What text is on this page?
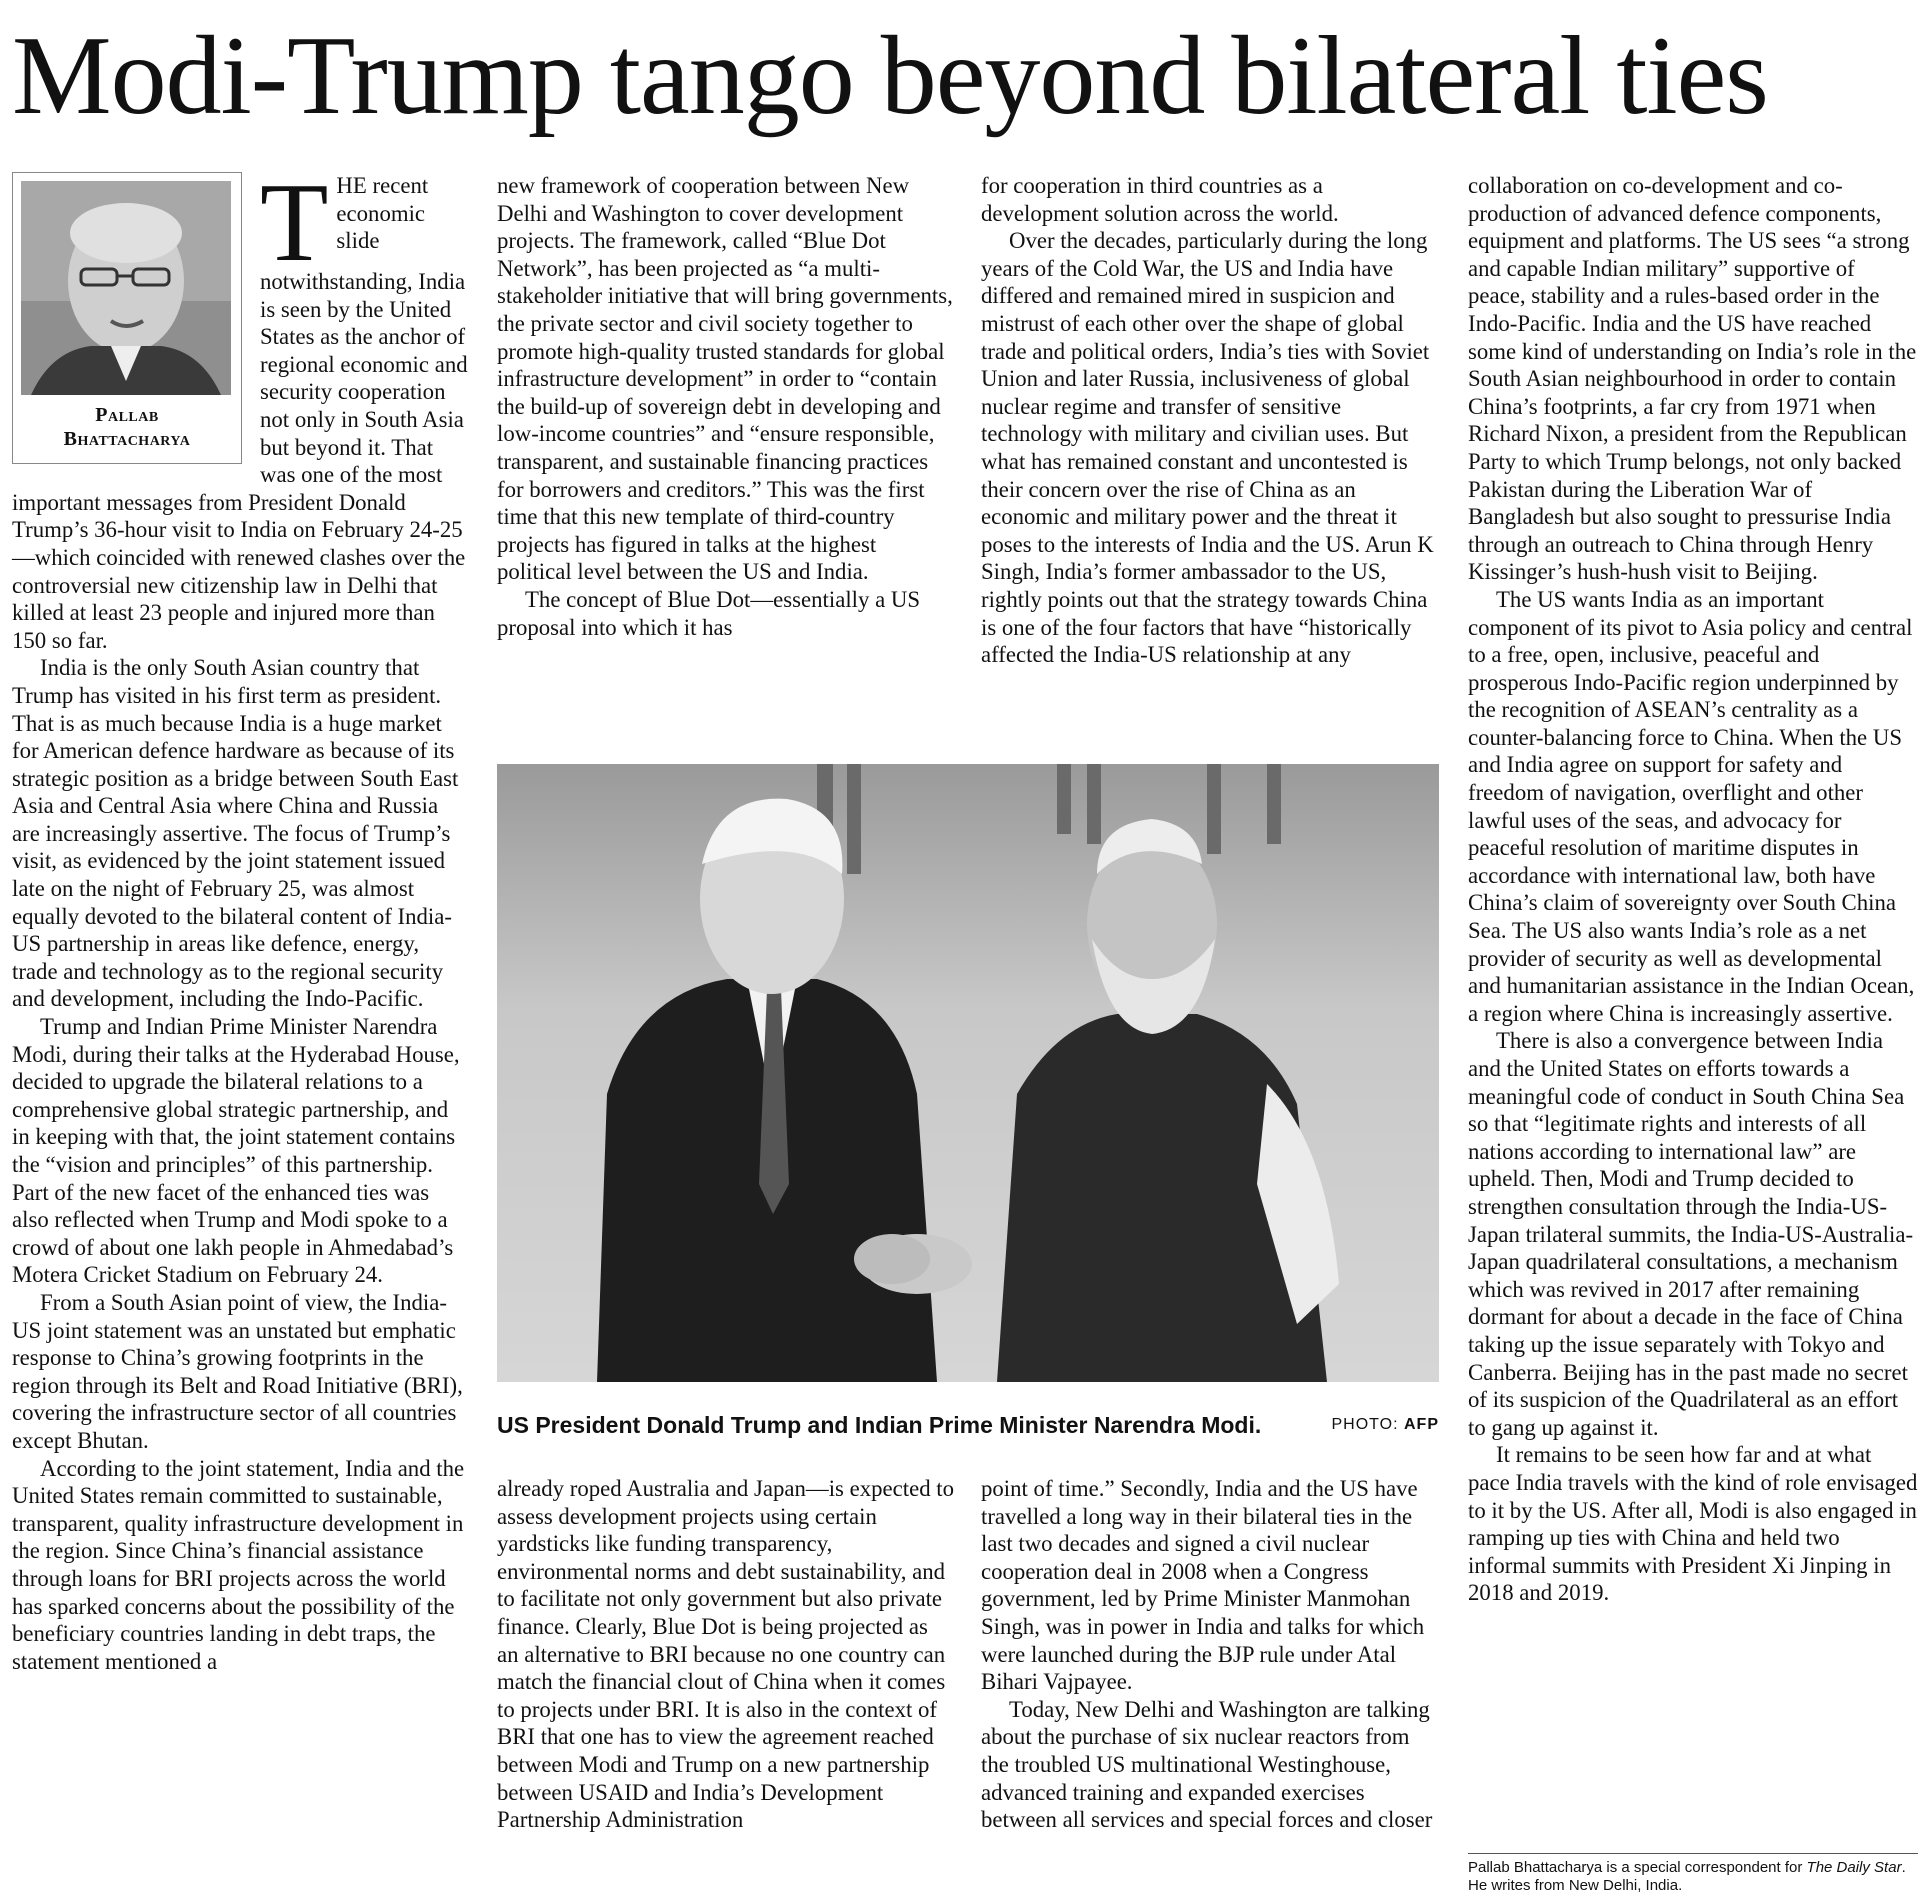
Modi-Trump tango beyond bilateral ties
Pallab
Bhattacharya

THE recent economic slide notwithstanding, India is seen by the United States as the anchor of regional economic and security cooperation not only in South Asia but beyond it. That was one of the most important messages from President Donald Trump’s 36-hour visit to India on February 24-25—which coincided with renewed clashes over the controversial new citizenship law in Delhi that killed at least 23 people and injured more than 150 so far.

India is the only South Asian country that Trump has visited in his first term as president. That is as much because India is a huge market for American defence hardware as because of its strategic position as a bridge between South East Asia and Central Asia where China and Russia are increasingly assertive. The focus of Trump’s visit, as evidenced by the joint statement issued late on the night of February 25, was almost equally devoted to the bilateral content of India-US partnership in areas like defence, energy, trade and technology as to the regional security and development, including the Indo-Pacific.

Trump and Indian Prime Minister Narendra Modi, during their talks at the Hyderabad House, decided to upgrade the bilateral relations to a comprehensive global strategic partnership, and in keeping with that, the joint statement contains the “vision and principles” of this partnership. Part of the new facet of the enhanced ties was also reflected when Trump and Modi spoke to a crowd of about one lakh people in Ahmedabad’s Motera Cricket Stadium on February 24.

From a South Asian point of view, the India-US joint statement was an unstated but emphatic response to China’s growing footprints in the region through its Belt and Road Initiative (BRI), covering the infrastructure sector of all countries except Bhutan.

According to the joint statement, India and the United States remain committed to sustainable, transparent, quality infrastructure development in the region. Since China’s financial assistance through loans for BRI projects across the world has sparked concerns about the possibility of the beneficiary countries landing in debt traps, the statement mentioned a

new framework of cooperation between New Delhi and Washington to cover development projects. The framework, called “Blue Dot Network”, has been projected as “a multi-stakeholder initiative that will bring governments, the private sector and civil society together to promote high-quality trusted standards for global infrastructure development” in order to “contain the build-up of sovereign debt in developing and low-income countries” and “ensure responsible, transparent, and sustainable financing practices for borrowers and creditors.” This was the first time that this new template of third-country projects has figured in talks at the highest political level between the US and India.

The concept of Blue Dot—essentially a US proposal into which it has

for cooperation in third countries as a development solution across the world.

Over the decades, particularly during the long years of the Cold War, the US and India have differed and remained mired in suspicion and mistrust of each other over the shape of global trade and political orders, India’s ties with Soviet Union and later Russia, inclusiveness of global nuclear regime and transfer of sensitive technology with military and civilian uses. But what has remained constant and uncontested is their concern over the rise of China as an economic and military power and the threat it poses to the interests of India and the US. Arun K Singh, India’s former ambassador to the US, rightly points out that the strategy towards China is one of the four factors that have “historically affected the India-US relationship at any

US President Donald Trump and Indian Prime Minister Narendra Modi.	PHOTO: AFP

already roped Australia and Japan—is expected to assess development projects using certain yardsticks like funding transparency, environmental norms and debt sustainability, and to facilitate not only government but also private finance. Clearly, Blue Dot is being projected as an alternative to BRI because no one country can match the financial clout of China when it comes to projects under BRI. It is also in the context of BRI that one has to view the agreement reached between Modi and Trump on a new partnership between USAID and India’s Development Partnership Administration

point of time.” Secondly, India and the US have travelled a long way in their bilateral ties in the last two decades and signed a civil nuclear cooperation deal in 2008 when a Congress government, led by Prime Minister Manmohan Singh, was in power in India and talks for which were launched during the BJP rule under Atal Bihari Vajpayee.

Today, New Delhi and Washington are talking about the purchase of six nuclear reactors from the troubled US multinational Westinghouse, advanced training and expanded exercises between all services and special forces and closer

collaboration on co-development and co-production of advanced defence components, equipment and platforms. The US sees “a strong and capable Indian military” supportive of peace, stability and a rules-based order in the Indo-Pacific. India and the US have reached some kind of understanding on India’s role in the South Asian neighbourhood in order to contain China’s footprints, a far cry from 1971 when Richard Nixon, a president from the Republican Party to which Trump belongs, not only backed Pakistan during the Liberation War of Bangladesh but also sought to pressurise India through an outreach to China through Henry Kissinger’s hush-hush visit to Beijing.

The US wants India as an important component of its pivot to Asia policy and central to a free, open, inclusive, peaceful and prosperous Indo-Pacific region underpinned by the recognition of ASEAN’s centrality as a counter-balancing force to China. When the US and India agree on support for safety and freedom of navigation, overflight and other lawful uses of the seas, and advocacy for peaceful resolution of maritime disputes in accordance with international law, both have China’s claim of sovereignty over South China Sea. The US also wants India’s role as a net provider of security as well as developmental and humanitarian assistance in the Indian Ocean, a region where China is increasingly assertive.

There is also a convergence between India and the United States on efforts towards a meaningful code of conduct in South China Sea so that “legitimate rights and interests of all nations according to international law” are upheld. Then, Modi and Trump decided to strengthen consultation through the India-US-Japan trilateral summits, the India-US-Australia-Japan quadrilateral consultations, a mechanism which was revived in 2017 after remaining dormant for about a decade in the face of China taking up the issue separately with Tokyo and Canberra. Beijing has in the past made no secret of its suspicion of the Quadrilateral as an effort to gang up against it.

It remains to be seen how far and at what pace India travels with the kind of role envisaged to it by the US. After all, Modi is also engaged in ramping up ties with China and held two informal summits with President Xi Jinping in 2018 and 2019.

Pallab Bhattacharya is a special correspondent for The Daily Star. He writes from New Delhi, India.
